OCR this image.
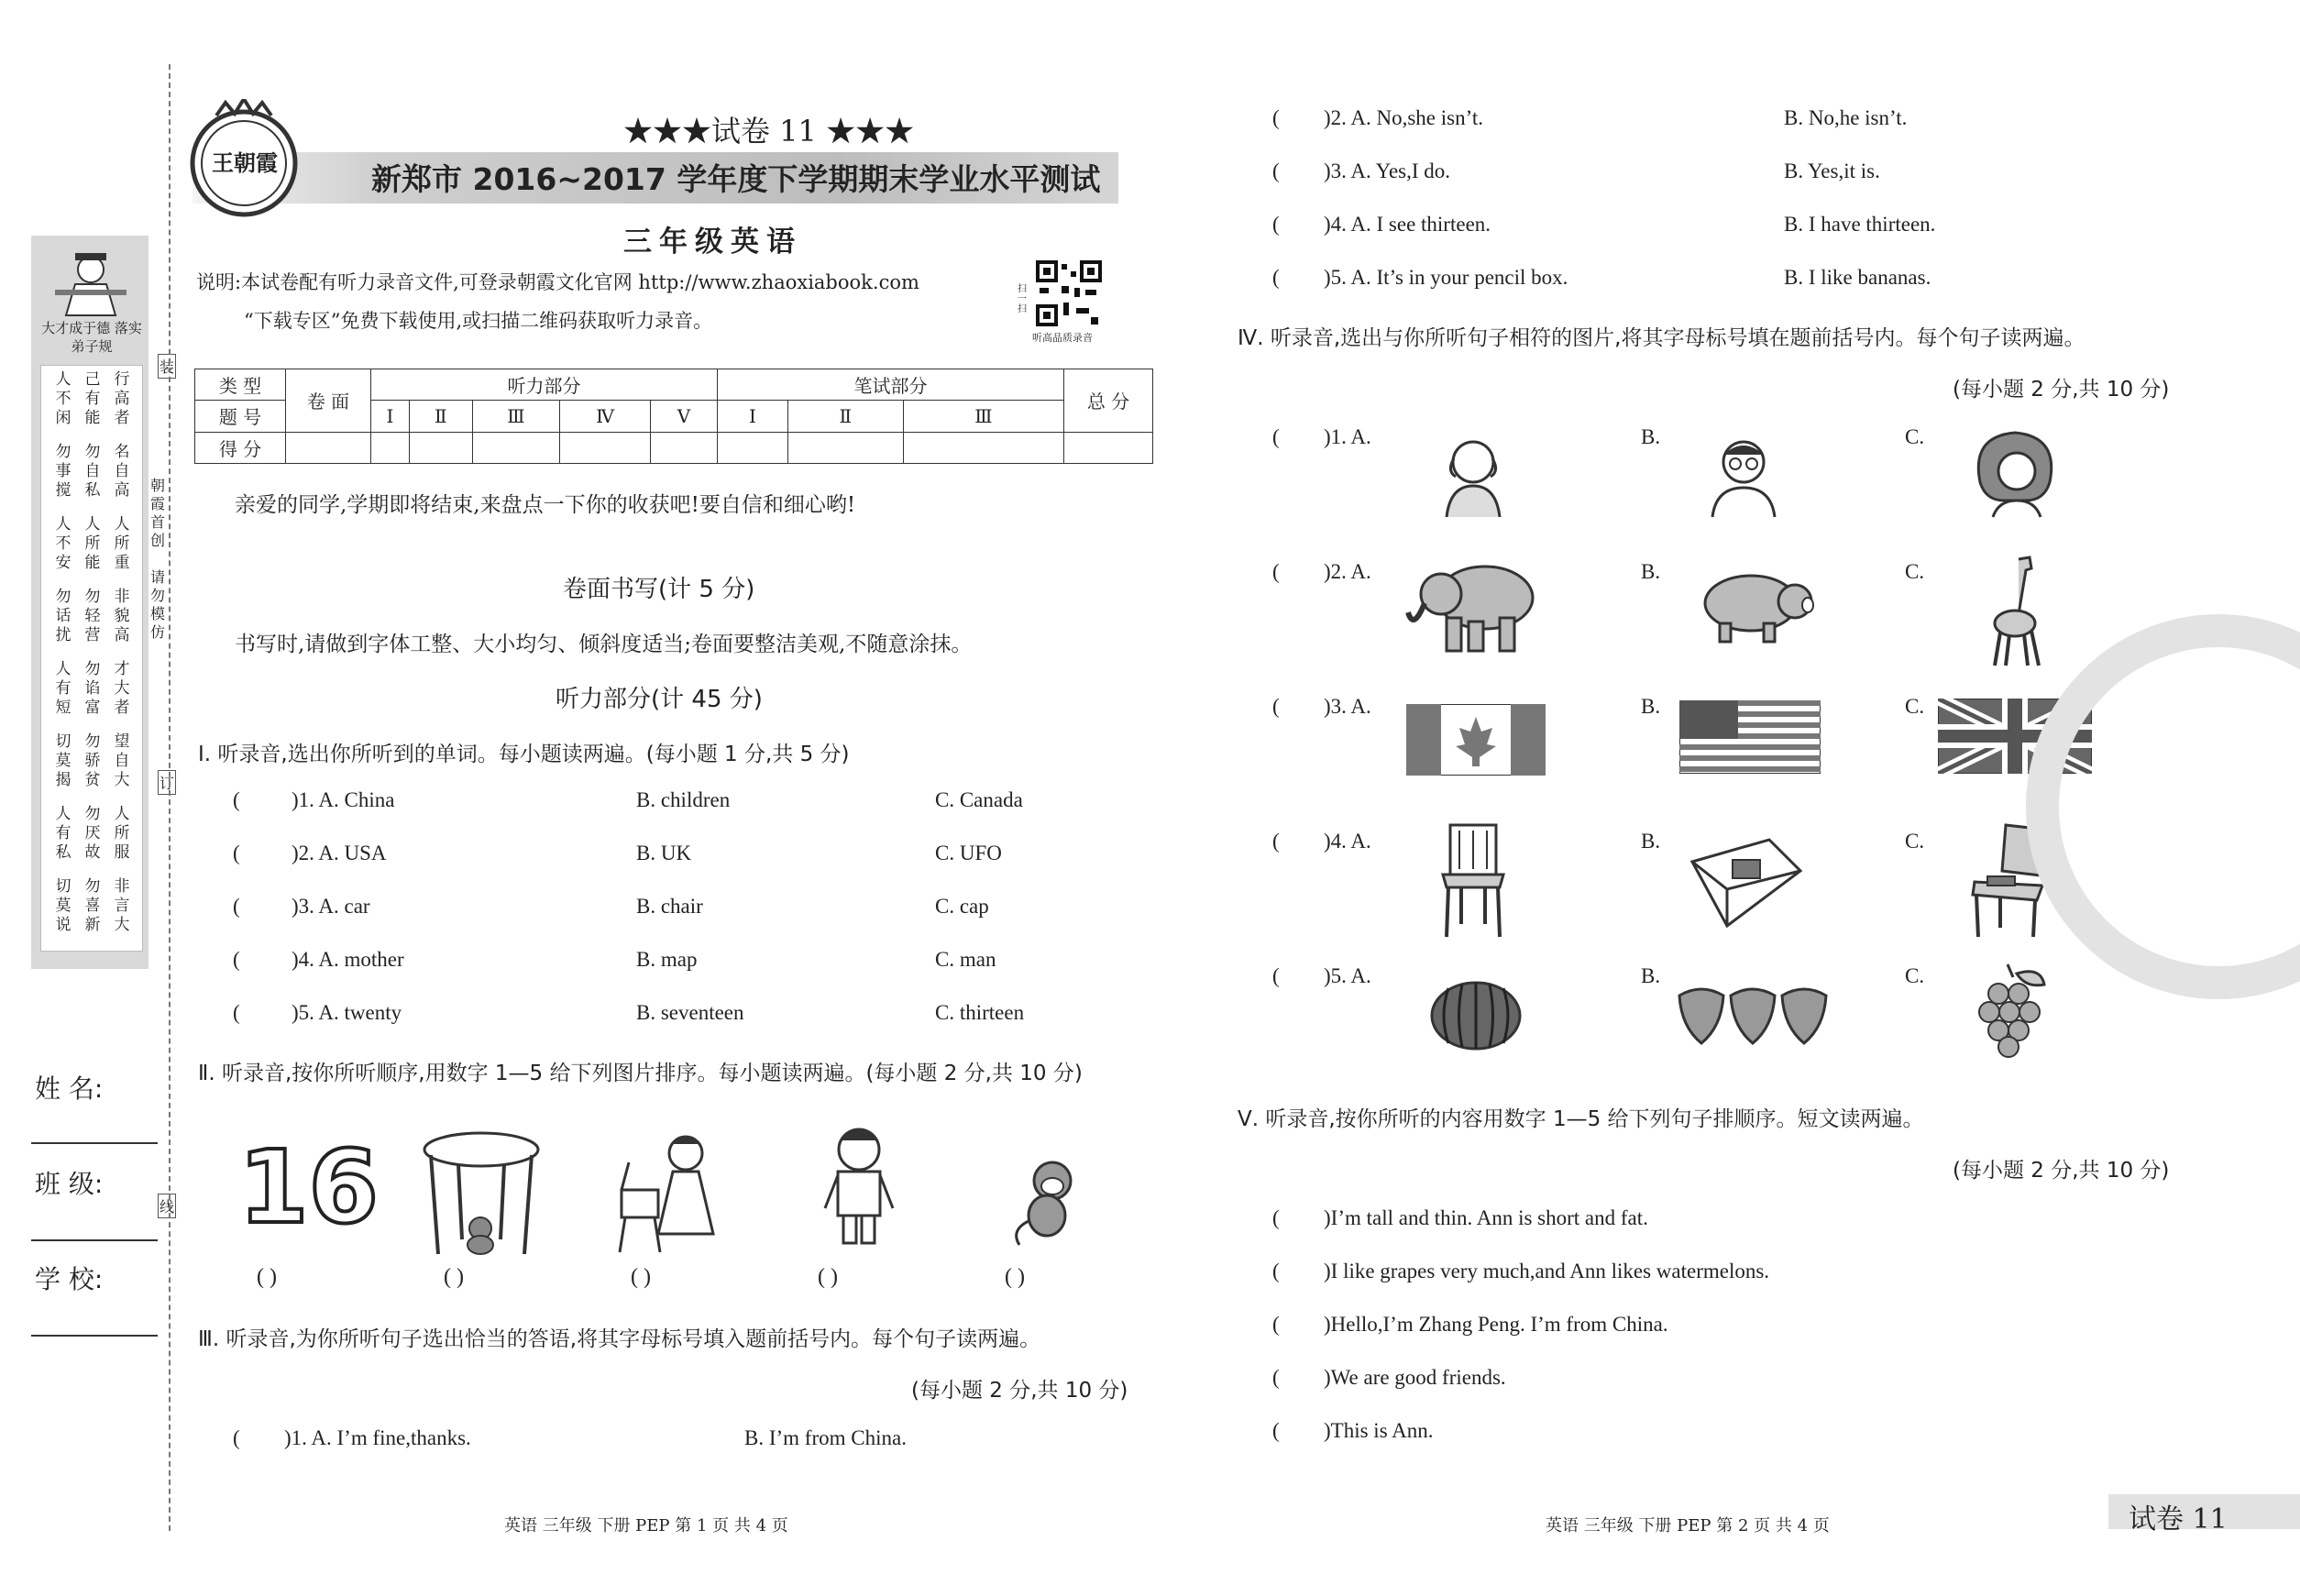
大才成于德 落实弟子规
朝霞首创
请勿模仿
装
订
线
姓 名:
班 级:
学 校:
王朝霞
★★★试卷 11 ★★★
新郑市 2016~2017 学年度下学期期末学业水平测试
三年级英语
说明:本试卷配有听力录音文件,可登录朝霞文化官网 http://www.zhaoxiabook.com
“下载专区”免费下载使用,或扫描二维码获取听力录音。
扫一扫
听高品质录音
类 型	卷 面	听力部分					笔试部分			总 分
题 号		I	Ⅱ	Ⅲ	Ⅳ	Ⅴ	I	Ⅱ	Ⅲ	
得 分										
亲爱的同学,学期即将结束,来盘点一下你的收获吧!要自信和细心哟!
卷面书写(计 5 分)
书写时,请做到字体工整、大小均匀、倾斜度适当;卷面要整洁美观,不随意涂抹。
听力部分(计 45 分)
Ⅰ. 听录音,选出你所听到的单词。每小题读两遍。(每小题 1 分,共 5 分)
Ⅱ. 听录音,按你所听顺序,用数字 1—5 给下列图片排序。每小题读两遍。(每小题 2 分,共 10 分)
16
Ⅲ. 听录音,为你所听句子选出恰当的答语,将其字母标号填入题前括号内。每个句子读两遍。
(每小题 2 分,共 10 分)
Ⅳ. 听录音,选出与你所听句子相符的图片,将其字母标号填在题前括号内。每个句子读两遍。
(每小题 2 分,共 10 分)
Ⅴ. 听录音,按你所听的内容用数字 1—5 给下列句子排顺序。短文读两遍。
(每小题 2 分,共 10 分)
英语 三年级 下册 PEP 第 1 页 共 4 页	英语 三年级 下册 PEP 第 2 页 共 4 页	试卷 11
人不闲
己有能
行高者
勿事搅
勿自私
名自高
人不安
人所能
人所重
勿话扰
勿轻营
非貌高
人有短
勿谄富
才大者
切莫揭
勿骄贫
望自大
人有私
勿厌故
人所服
切莫说
勿喜新
非言大
( )1. A. China	B. children	C. Canada
( )2. A. USA	B. UK	C. UFO
( )3. A. car	B. chair	C. cap
( )4. A. mother	B. map	C. man
( )5. A. twenty	B. seventeen	C. thirteen
( )	( )	( )	( )	( )
( )1. A. I’m fine,thanks.	B. I’m from China.
( )2. A. No,she isn’t.	B. No,he isn’t.
( )3. A. Yes,I do.	B. Yes,it is.
( )4. A. I see thirteen.	B. I have thirteen.
( )5. A. It’s in your pencil box.	B. I like bananas.
( )1. A.	B.	C.
( )2. A.	B.	C.
( )3. A.	B.	C.
( )4. A.	B.	C.
( )5. A.	B.	C.
( )I’m tall and thin. Ann is short and fat.
( )I like grapes very much,and Ann likes watermelons.
( )Hello,I’m Zhang Peng. I’m from China.
( )We are good friends.
( )This is Ann.
